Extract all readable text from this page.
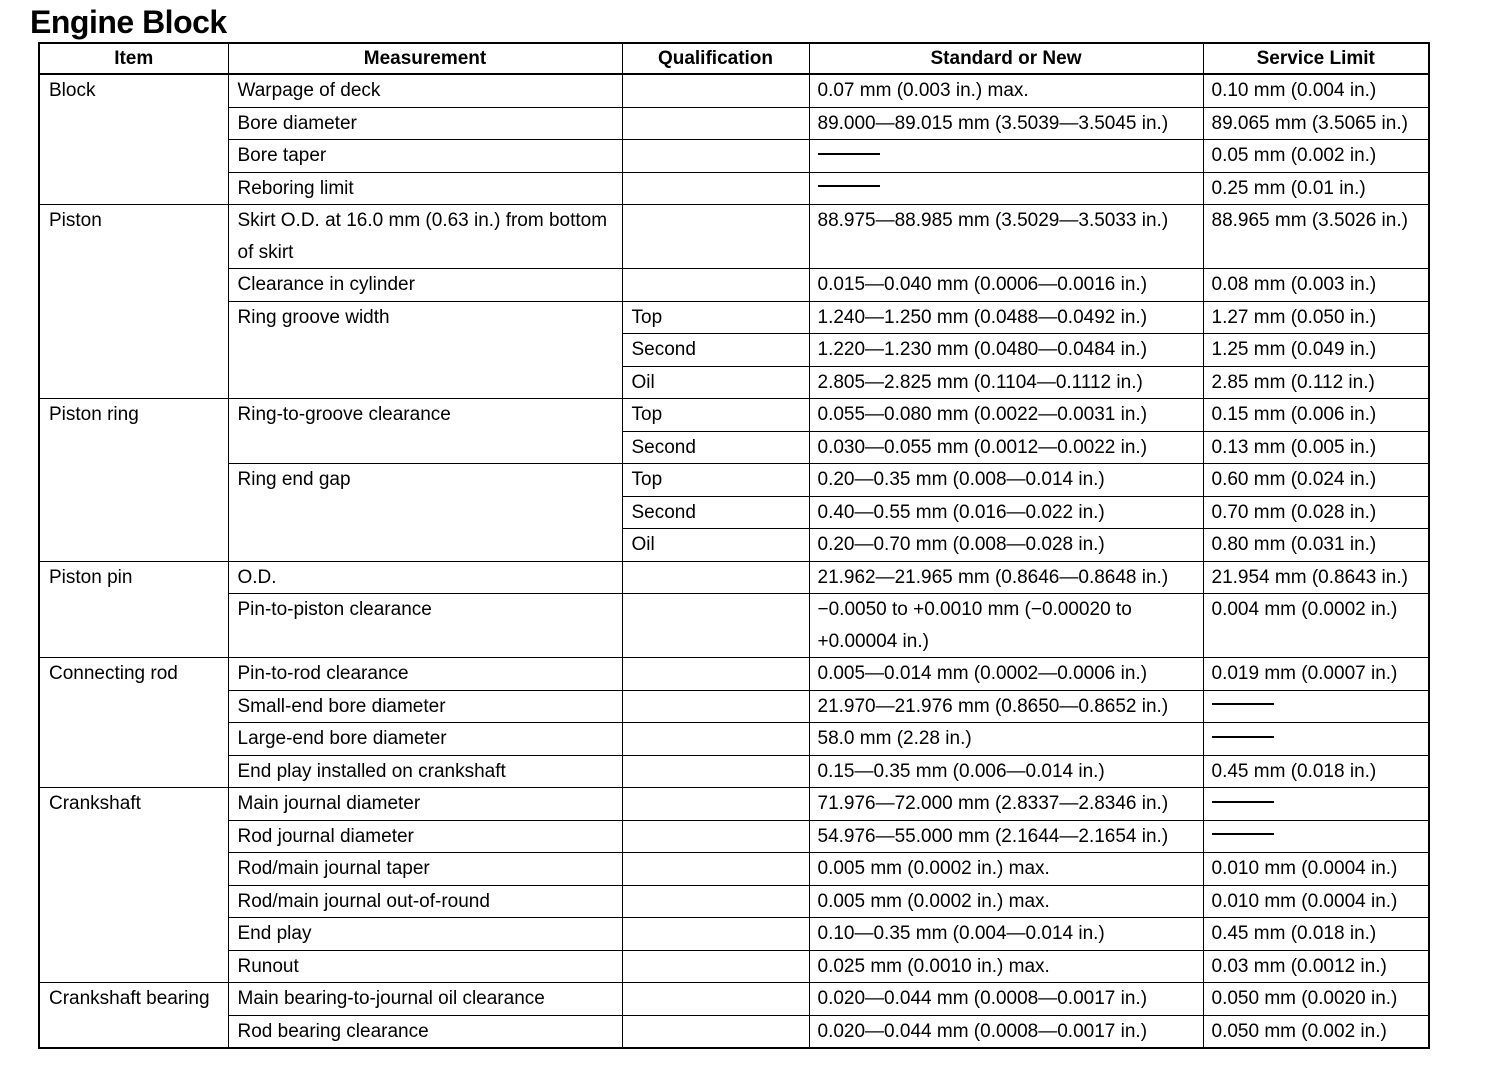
Engine Block
Item	Measurement	Qualification	Standard or New	Service Limit
Block	Warpage of deck		0.07 mm (0.003 in.) max.	0.10 mm (0.004 in.)
	Bore diameter		89.000—89.015 mm (3.5039—3.5045 in.)	89.065 mm (3.5065 in.)
	Bore taper			0.05 mm (0.002 in.)
	Reboring limit			0.25 mm (0.01 in.)
Piston	Skirt O.D. at 16.0 mm (0.63 in.) from bottom of skirt		88.975—88.985 mm (3.5029—3.5033 in.)	88.965 mm (3.5026 in.)
	Clearance in cylinder		0.015—0.040 mm (0.0006—0.0016 in.)	0.08 mm (0.003 in.)
	Ring groove width	Top	1.240—1.250 mm (0.0488—0.0492 in.)	1.27 mm (0.050 in.)
		Second	1.220—1.230 mm (0.0480—0.0484 in.)	1.25 mm (0.049 in.)
		Oil	2.805—2.825 mm (0.1104—0.1112 in.)	2.85 mm (0.112 in.)
Piston ring	Ring-to-groove clearance	Top	0.055—0.080 mm (0.0022—0.0031 in.)	0.15 mm (0.006 in.)
		Second	0.030—0.055 mm (0.0012—0.0022 in.)	0.13 mm (0.005 in.)
	Ring end gap	Top	0.20—0.35 mm (0.008—0.014 in.)	0.60 mm (0.024 in.)
		Second	0.40—0.55 mm (0.016—0.022 in.)	0.70 mm (0.028 in.)
		Oil	0.20—0.70 mm (0.008—0.028 in.)	0.80 mm (0.031 in.)
Piston pin	O.D.		21.962—21.965 mm (0.8646—0.8648 in.)	21.954 mm (0.8643 in.)
	Pin-to-piston clearance		−0.0050 to +0.0010 mm (−0.00020 to +0.00004 in.)	0.004 mm (0.0002 in.)
Connecting rod	Pin-to-rod clearance		0.005—0.014 mm (0.0002—0.0006 in.)	0.019 mm (0.0007 in.)
	Small-end bore diameter		21.970—21.976 mm (0.8650—0.8652 in.)	
	Large-end bore diameter		58.0 mm (2.28 in.)	
	End play installed on crankshaft		0.15—0.35 mm (0.006—0.014 in.)	0.45 mm (0.018 in.)
Crankshaft	Main journal diameter		71.976—72.000 mm (2.8337—2.8346 in.)	
	Rod journal diameter		54.976—55.000 mm (2.1644—2.1654 in.)	
	Rod/main journal taper		0.005 mm (0.0002 in.) max.	0.010 mm (0.0004 in.)
	Rod/main journal out-of-round		0.005 mm (0.0002 in.) max.	0.010 mm (0.0004 in.)
	End play		0.10—0.35 mm (0.004—0.014 in.)	0.45 mm (0.018 in.)
	Runout		0.025 mm (0.0010 in.) max.	0.03 mm (0.0012 in.)
Crankshaft bearing	Main bearing-to-journal oil clearance		0.020—0.044 mm (0.0008—0.0017 in.)	0.050 mm (0.0020 in.)
	Rod bearing clearance		0.020—0.044 mm (0.0008—0.0017 in.)	0.050 mm (0.002 in.)
